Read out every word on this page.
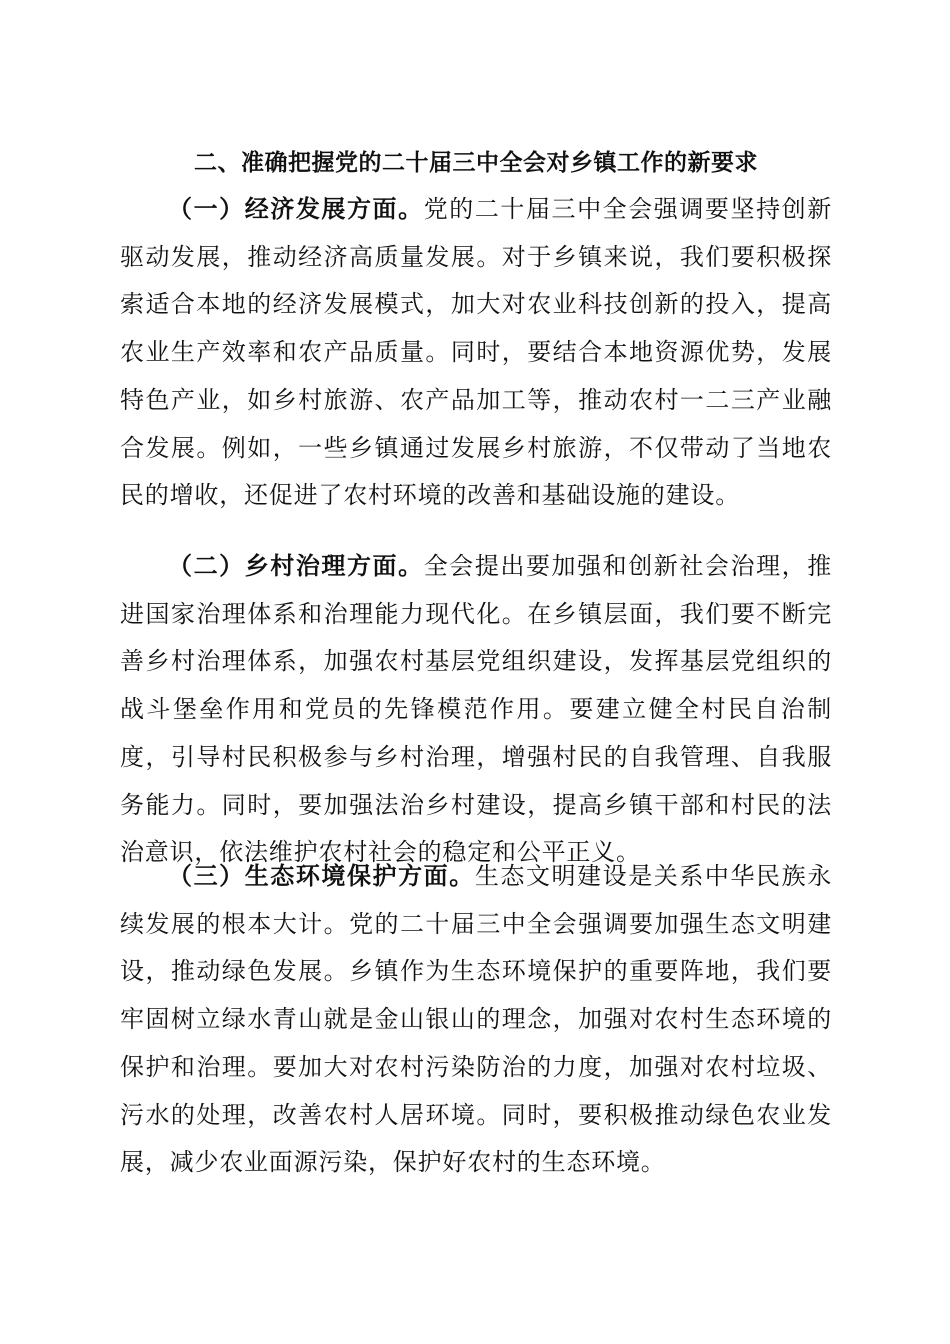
二、准确把握党的二十届三中全会对乡镇工作的新要求

（一）经济发展方面。党的二十届三中全会强调要坚持创新驱动发展，推动经济高质量发展。对于乡镇来说，我们要积极探索适合本地的经济发展模式，加大对农业科技创新的投入，提高农业生产效率和农产品质量。同时，要结合本地资源优势，发展特色产业，如乡村旅游、农产品加工等，推动农村一二三产业融合发展。例如，一些乡镇通过发展乡村旅游，不仅带动了当地农民的增收，还促进了农村环境的改善和基础设施的建设。

（二）乡村治理方面。全会提出要加强和创新社会治理，推进国家治理体系和治理能力现代化。在乡镇层面，我们要不断完善乡村治理体系，加强农村基层党组织建设，发挥基层党组织的战斗堡垒作用和党员的先锋模范作用。要建立健全村民自治制度，引导村民积极参与乡村治理，增强村民的自我管理、自我服务能力。同时，要加强法治乡村建设，提高乡镇干部和村民的法治意识，依法维护农村社会的稳定和公平正义。

（三）生态环境保护方面。生态文明建设是关系中华民族永续发展的根本大计。党的二十届三中全会强调要加强生态文明建设，推动绿色发展。乡镇作为生态环境保护的重要阵地，我们要牢固树立绿水青山就是金山银山的理念，加强对农村生态环境的保护和治理。要加大对农村污染防治的力度，加强对农村垃圾、污水的处理，改善农村人居环境。同时，要积极推动绿色农业发展，减少农业面源污染，保护好农村的生态环境。
